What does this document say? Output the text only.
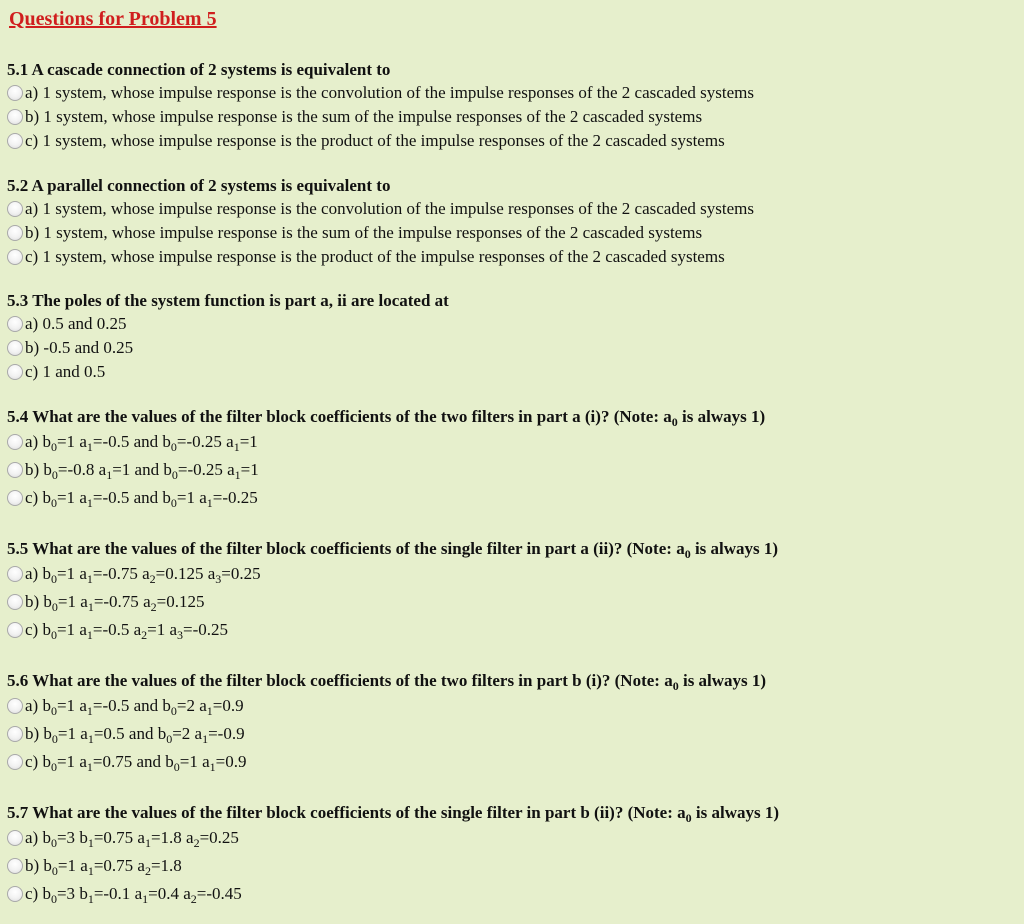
Questions for Problem 5
5.1 A cascade connection of 2 systems is equivalent to
a) 1 system, whose impulse response is the convolution of the impulse responses of the 2 cascaded systems
b) 1 system, whose impulse response is the sum of the impulse responses of the 2 cascaded systems
c) 1 system, whose impulse response is the product of the impulse responses of the 2 cascaded systems
5.2 A parallel connection of 2 systems is equivalent to
a) 1 system, whose impulse response is the convolution of the impulse responses of the 2 cascaded systems
b) 1 system, whose impulse response is the sum of the impulse responses of the 2 cascaded systems
c) 1 system, whose impulse response is the product of the impulse responses of the 2 cascaded systems
5.3 The poles of the system function is part a, ii are located at
a) 0.5 and 0.25
b) -0.5 and 0.25
c) 1 and 0.5
5.4 What are the values of the filter block coefficients of the two filters in part a (i)? (Note: $a_0$ is always 1)
a) $b_0=1$ $a_1=-0.5$ and $b_0=-0.25$ $a_1=1$
b) $b_0=-0.8$ $a_1=1$ and $b_0=-0.25$ $a_1=1$
c) $b_0=1$ $a_1=-0.5$ and $b_0=1$ $a_1=-0.25$
5.5 What are the values of the filter block coefficients of the single filter in part a (ii)? (Note: $a_0$ is always 1)
a) $b_0=1$ $a_1=-0.75$ $a_2=0.125$ $a_3=0.25$
b) $b_0=1$ $a_1=-0.75$ $a_2=0.125$
c) $b_0=1$ $a_1=-0.5$ $a_2=1$ $a_3=-0.25$
5.6 What are the values of the filter block coefficients of the two filters in part b (i)? (Note: $a_0$ is always 1)
a) $b_0=1$ $a_1=-0.5$ and $b_0=2$ $a_1=0.9$
b) $b_0=1$ $a_1=0.5$ and $b_0=2$ $a_1=-0.9$
c) $b_0=1$ $a_1=0.75$ and $b_0=1$ $a_1=0.9$
5.7 What are the values of the filter block coefficients of the single filter in part b (ii)? (Note: $a_0$ is always 1)
a) $b_0=3$ $b_1=0.75$ $a_1=1.8$ $a_2=0.25$
b) $b_0=1$ $a_1=0.75$ $a_2=1.8$
c) $b_0=3$ $b_1=-0.1$ $a_1=0.4$ $a_2=-0.45$
